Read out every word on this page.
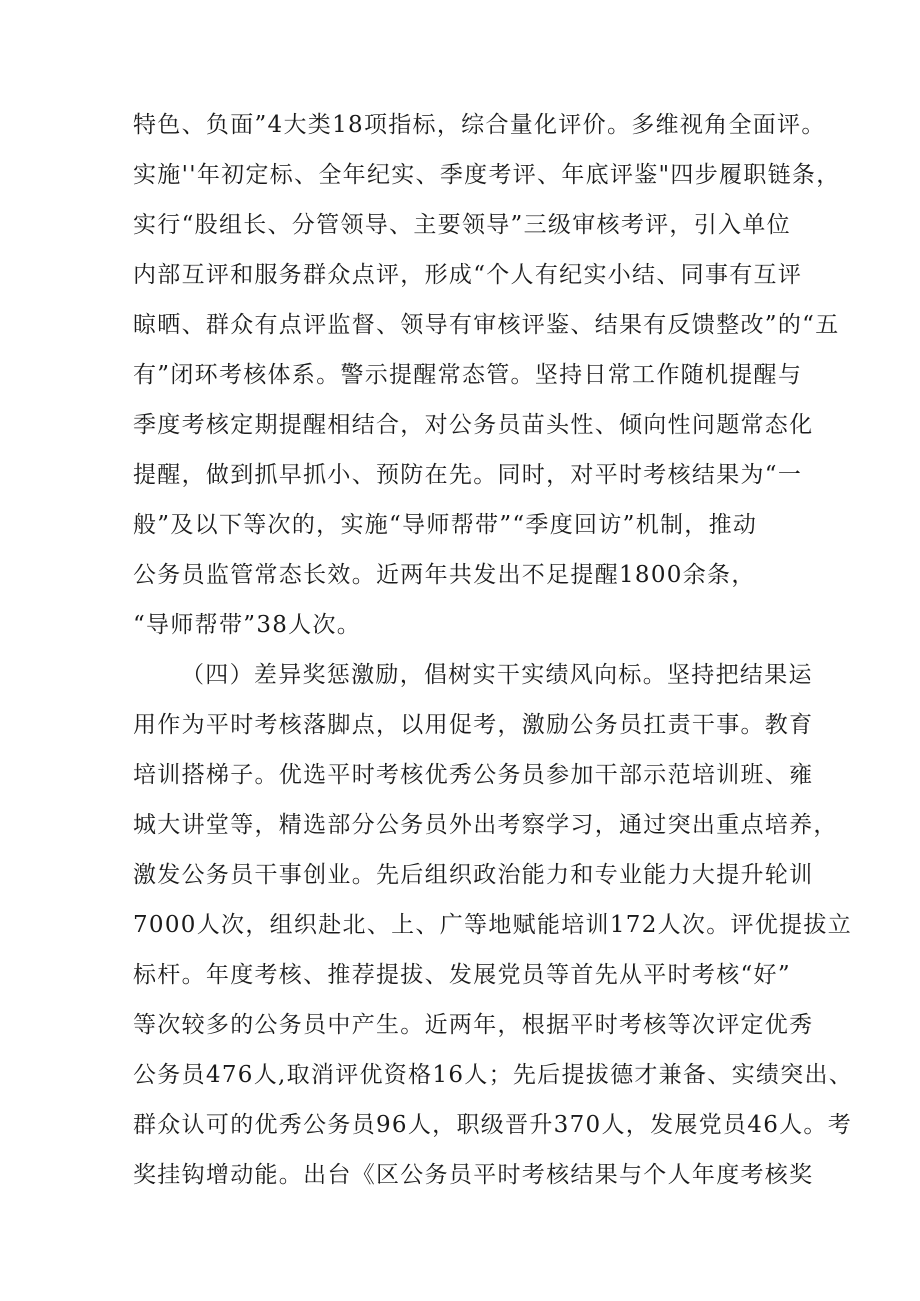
特色、负面”4大类18项指标，综合量化评价。多维视角全面评。
实施''年初定标、全年纪实、季度考评、年底评鉴"四步履职链条，
实行“股组长、分管领导、主要领导”三级审核考评，引入单位
内部互评和服务群众点评，形成“个人有纪实小结、同事有互评
晾晒、群众有点评监督、领导有审核评鉴、结果有反馈整改”的“五
有”闭环考核体系。警示提醒常态管。坚持日常工作随机提醒与
季度考核定期提醒相结合，对公务员苗头性、倾向性问题常态化
提醒，做到抓早抓小、预防在先。同时，对平时考核结果为“一
般”及以下等次的，实施“导师帮带”“季度回访”机制，推动
公务员监管常态长效。近两年共发出不足提醒1800余条，
“导师帮带”38人次。
（四）差异奖惩激励，倡树实干实绩风向标。坚持把结果运
用作为平时考核落脚点，以用促考，激励公务员扛责干事。教育
培训搭梯子。优选平时考核优秀公务员参加干部示范培训班、雍
城大讲堂等，精选部分公务员外出考察学习，通过突出重点培养，
激发公务员干事创业。先后组织政治能力和专业能力大提升轮训
7000人次，组织赴北、上、广等地赋能培训172人次。评优提拔立
标杆。年度考核、推荐提拔、发展党员等首先从平时考核“好”
等次较多的公务员中产生。近两年，根据平时考核等次评定优秀
公务员476人,取消评优资格16人；先后提拔德才兼备、实绩突出、
群众认可的优秀公务员96人，职级晋升370人，发展党员46人。考
奖挂钩增动能。出台《区公务员平时考核结果与个人年度考核奖
